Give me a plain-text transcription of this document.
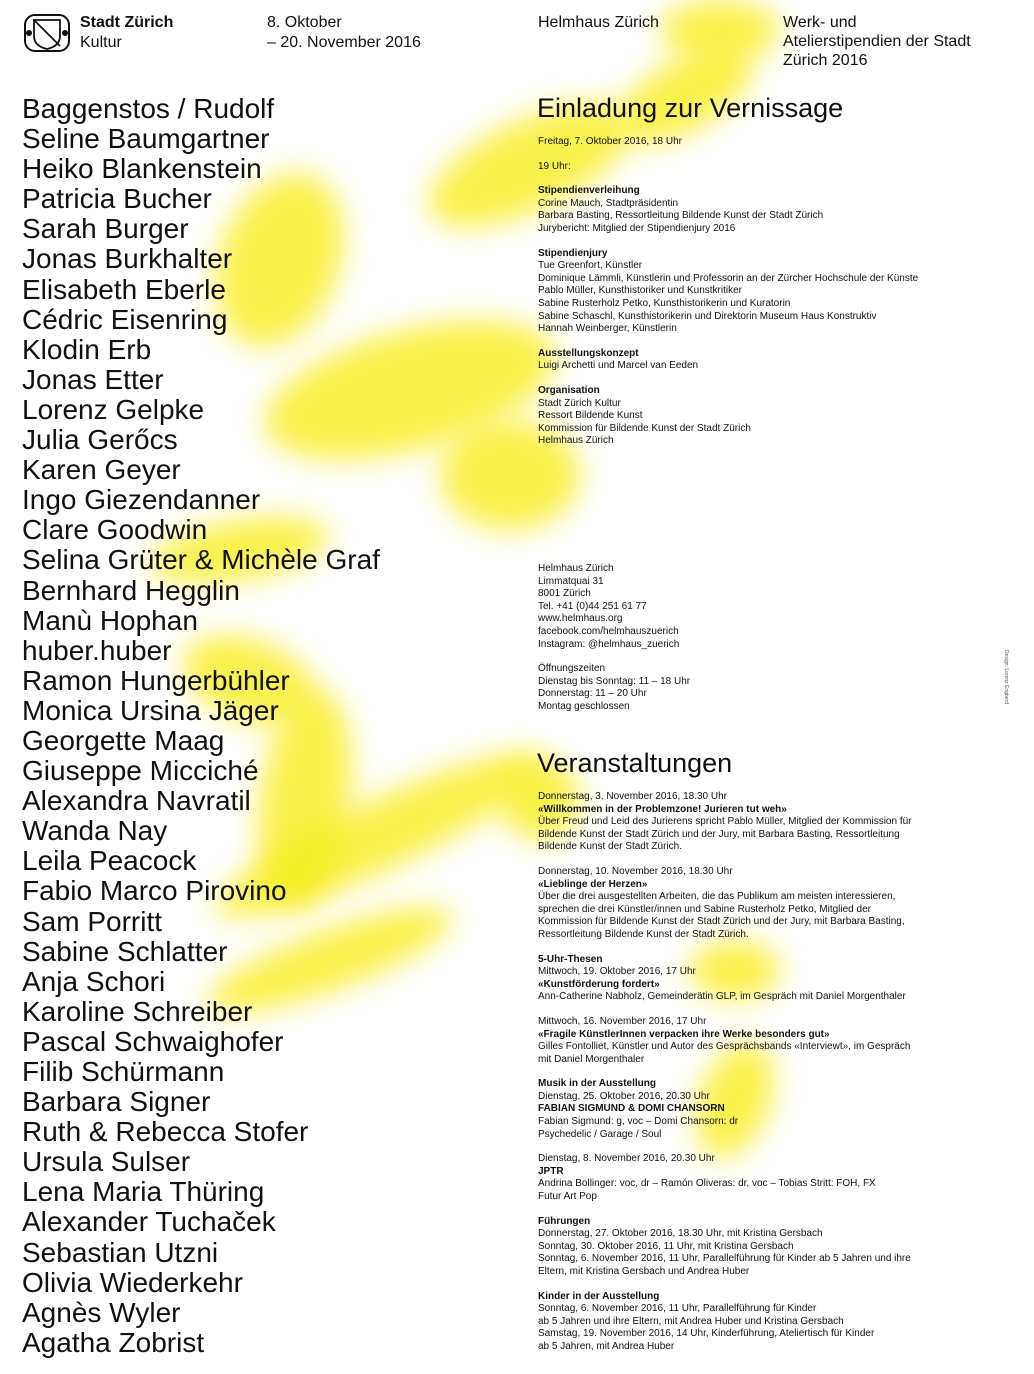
Stadt Zürich
Kultur
8. Oktober
– 20. November 2016
Helmhaus Zürich	Werk- und
Atelierstipendien der Stadt
Zürich 2016
Baggenstos / Rudolf
Seline Baumgartner
Heiko Blankenstein
Patricia Bucher
Sarah Burger
Jonas Burkhalter
Elisabeth Eberle
Cédric Eisenring
Klodin Erb
Jonas Etter
Lorenz Gelpke
Julia Gerőcs
Karen Geyer
Ingo Giezendanner
Clare Goodwin
Selina Grüter & Michèle Graf
Bernhard Hegglin
Manù Hophan
huber.huber
Ramon Hungerbühler
Monica Ursina Jäger
Georgette Maag
Giuseppe Micciché
Alexandra Navratil
Wanda Nay
Leila Peacock
Fabio Marco Pirovino
Sam Porritt
Sabine Schlatter
Anja Schori
Karoline Schreiber
Pascal Schwaighofer
Filib Schürmann
Barbara Signer
Ruth & Rebecca Stofer
Ursula Sulser
Lena Maria Thüring
Alexander Tuchaček
Sebastian Utzni
Olivia Wiederkehr
Agnès Wyler
Agatha Zobrist
Einladung zur Vernissage
Freitag, 7. Oktober 2016, 18 Uhr
19 Uhr:
Stipendienverleihung
Corine Mauch, Stadtpräsidentin
Barbara Basting, Ressortleitung Bildende Kunst der Stadt Zürich
Jurybericht: Mitglied der Stipendienjury 2016
Stipendienjury
Tue Greenfort, Künstler
Dominique Lämmli, Künstlerin und Professorin an der Zürcher Hochschule der Künste
Pablo Müller, Kunsthistoriker und Kunstkritiker
Sabine Rusterholz Petko, Kunsthistorikerin und Kuratorin
Sabine Schaschl, Kunsthistorikerin und Direktorin Museum Haus Konstruktiv
Hannah Weinberger, Künstlerin
Ausstellungskonzept
Luigi Archetti und Marcel van Eeden
Organisation
Stadt Zürich Kultur
Ressort Bildende Kunst
Kommission für Bildende Kunst der Stadt Zürich
Helmhaus Zürich
Helmhaus Zürich
Limmatquai 31
8001 Zürich
Tel. +41 (0)44 251 61 77
www.helmhaus.org
facebook.com/helmhauszuerich
Instagram: @helmhaus_zuerich
Öffnungszeiten
Dienstag bis Sonntag: 11 – 18 Uhr
Donnerstag: 11 – 20 Uhr
Montag geschlossen
Veranstaltungen
Donnerstag, 3. November 2016, 18.30 Uhr
«Willkommen in der Problemzone! Jurieren tut weh»
Über Freud und Leid des Jurierens spricht Pablo Müller, Mitglied der Kommission für
Bildende Kunst der Stadt Zürich und der Jury, mit Barbara Basting, Ressortleitung
Bildende Kunst der Stadt Zürich.
Donnerstag, 10. November 2016, 18.30 Uhr
«Lieblinge der Herzen»
Über die drei ausgestellten Arbeiten, die das Publikum am meisten interessieren,
sprechen die drei Künstler/innen und Sabine Rusterholz Petko, Mitglied der
Kommission für Bildende Kunst der Stadt Zürich und der Jury, mit Barbara Basting,
Ressortleitung Bildende Kunst der Stadt Zürich.
5-Uhr-Thesen
Mittwoch, 19. Oktober 2016, 17 Uhr
«Kunstförderung fordert»
Ann-Catherine Nabholz, Gemeinderätin GLP, im Gespräch mit Daniel Morgenthaler
Mittwoch, 16. November 2016, 17 Uhr
«Fragile KünstlerInnen verpacken ihre Werke besonders gut»
Gilles Fontolliet, Künstler und Autor des Gesprächsbands «Interviewt», im Gespräch
mit Daniel Morgenthaler
Musik in der Ausstellung
Dienstag, 25. Oktober 2016, 20.30 Uhr
FABIAN SIGMUND & DOMI CHANSORN
Fabian Sigmund: g, voc – Domi Chansorn: dr
Psychedelic / Garage / Soul
Dienstag, 8. November 2016, 20.30 Uhr
JPTR
Andrina Bollinger: voc, dr – Ramón Oliveras: dr, voc – Tobias Stritt: FOH, FX
Futur Art Pop
Führungen
Donnerstag, 27. Oktober 2016, 18.30 Uhr, mit Kristina Gersbach
Sonntag, 30. Oktober 2016, 11 Uhr, mit Kristina Gersbach
Sonntag, 6. November 2016, 11 Uhr, Parallelführung für Kinder ab 5 Jahren und ihre
Eltern, mit Kristina Gersbach und Andrea Huber
Kinder in der Ausstellung
Sonntag, 6. November 2016, 11 Uhr, Parallelführung für Kinder
ab 5 Jahren und ihre Eltern, mit Andrea Huber und Kristina Gersbach
Samstag, 19. November 2016, 14 Uhr, Kinderführung, Ateliertisch für Kinder
ab 5 Jahren, mit Andrea Huber
Design: Lorenz Engberd
